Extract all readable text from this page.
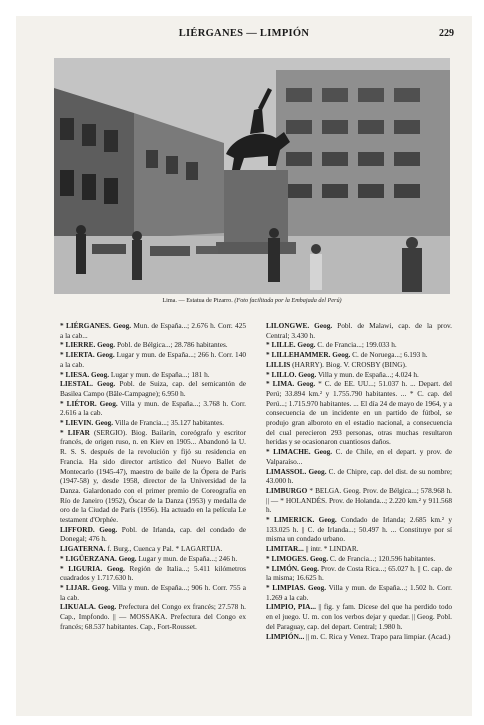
LIÉRGANES — LIMPIÓN	229
Lima. — Estatua de Pizarro. (Foto facilitada por la Embajada del Perú)

* LIÉRGANES. Geog. Mun. de España...; 2.676 h. Corr. 425 a la cab...

* LIERRE. Geog. Pobl. de Bélgica...; 28.786 habitantes.

* LIERTA. Geog. Lugar y mun. de España...; 266 h. Corr. 140 a la cab.

* LIESA. Geog. Lugar y mun. de España...; 181 h.

LIESTAL. Geog. Pobl. de Suiza, cap. del semicantón de Basilea Campo (Bâle-Campagne); 6.950 h.

* LIÉTOR. Geog. Villa y mun. de España...; 3.768 h. Corr. 2.616 a la cab.

* LIEVIN. Geog. Villa de Francia...; 35.127 habitantes.

* LIFAR (SERGIO). Biog. Bailarín, coreógrafo y escritor francés, de origen ruso, n. en Kiev en 1905... Abandonó la U. R. S. S. después de la revolución y fijó su residencia en Francia. Ha sido director artístico del Nuevo Ballet de Montecarlo (1945-47), maestro de baile de la Ópera de París (1947-58) y, desde 1958, director de la Universidad de la Danza. Galardonado con el primer premio de Coreografía en Río de Janeiro (1952), Óscar de la Danza (1953) y medalla de oro de la Ciudad de París (1956). Ha actuado en la película Le testament d'Orphée.

LIFFORD. Geog. Pobl. de Irlanda, cap. del condado de Donegal; 476 h.

LIGATERNA. f. Burg., Cuenca y Pal. * LAGARTIJA.

* LIGÜERZANA. Geog. Lugar y mun. de España...; 246 h.

* LIGURIA. Geog. Región de Italia...; 5.411 kilómetros cuadrados y 1.717.630 h.

* LIJAR. Geog. Villa y mun. de España...; 906 h. Corr. 755 a la cab.

LIKUALA. Geog. Prefectura del Congo ex francés; 27.578 h. Cap., Impfondo. || — MOSSAKA. Prefectura del Congo ex francés; 68.537 habitantes. Cap., Fort-Rousset.

LILONGWE. Geog. Pobl. de Malawi, cap. de la prov. Central; 3.430 h.

* LILLE. Geog. C. de Francia...; 199.033 h.

* LILLEHAMMER. Geog. C. de Noruega...; 6.193 h.

LILLIS (HARRY). Biog. V. CROSBY (BING).

* LILLO. Geog. Villa y mun. de España...; 4.024 h.

* LIMA. Geog. * C. de EE. UU...; 51.037 h. ... Depart. del Perú; 33.894 km.² y 1.755.790 habitantes. ... * C. cap. del Perú...; 1.715.970 habitantes. ... El día 24 de mayo de 1964, y a consecuencia de un incidente en un partido de fútbol, se produjo gran alboroto en el estadio nacional, a consecuencia del cual perecieron 293 personas, otras muchas resultaron heridas y se ocasionaron cuantiosos daños.

* LIMACHE. Geog. C. de Chile, en el depart. y prov. de Valparaíso...

LIMASSOL. Geog. C. de Chipre, cap. del dist. de su nombre; 43.000 h.

LIMBURGO * BELGA. Geog. Prov. de Bélgica...; 578.968 h. || — * HOLANDÉS. Prov. de Holanda...; 2.220 km.² y 911.568 h.

* LIMERICK. Geog. Condado de Irlanda; 2.685 km.² y 133.025 h. || C. de Irlanda...; 50.497 h. ... Constituye por sí misma un condado urbano.

LIMITAR... || intr. * LINDAR.

* LIMOGES. Geog. C. de Francia...; 120.596 habitantes.

* LIMÓN. Geog. Prov. de Costa Rica...; 65.027 h. || C. cap. de la misma; 16.625 h.

* LIMPIAS. Geog. Villa y mun. de España...; 1.502 h. Corr. 1.269 a la cab.

LIMPIO, PIA... || fig. y fam. Dícese del que ha perdido todo en el juego. U. m. con los verbos dejar y quedar. || Geog. Pobl. del Paraguay, cap. del depart. Central; 1.980 h.

LIMPIÓN... || m. C. Rica y Venez. Trapo para limpiar. (Acad.)
